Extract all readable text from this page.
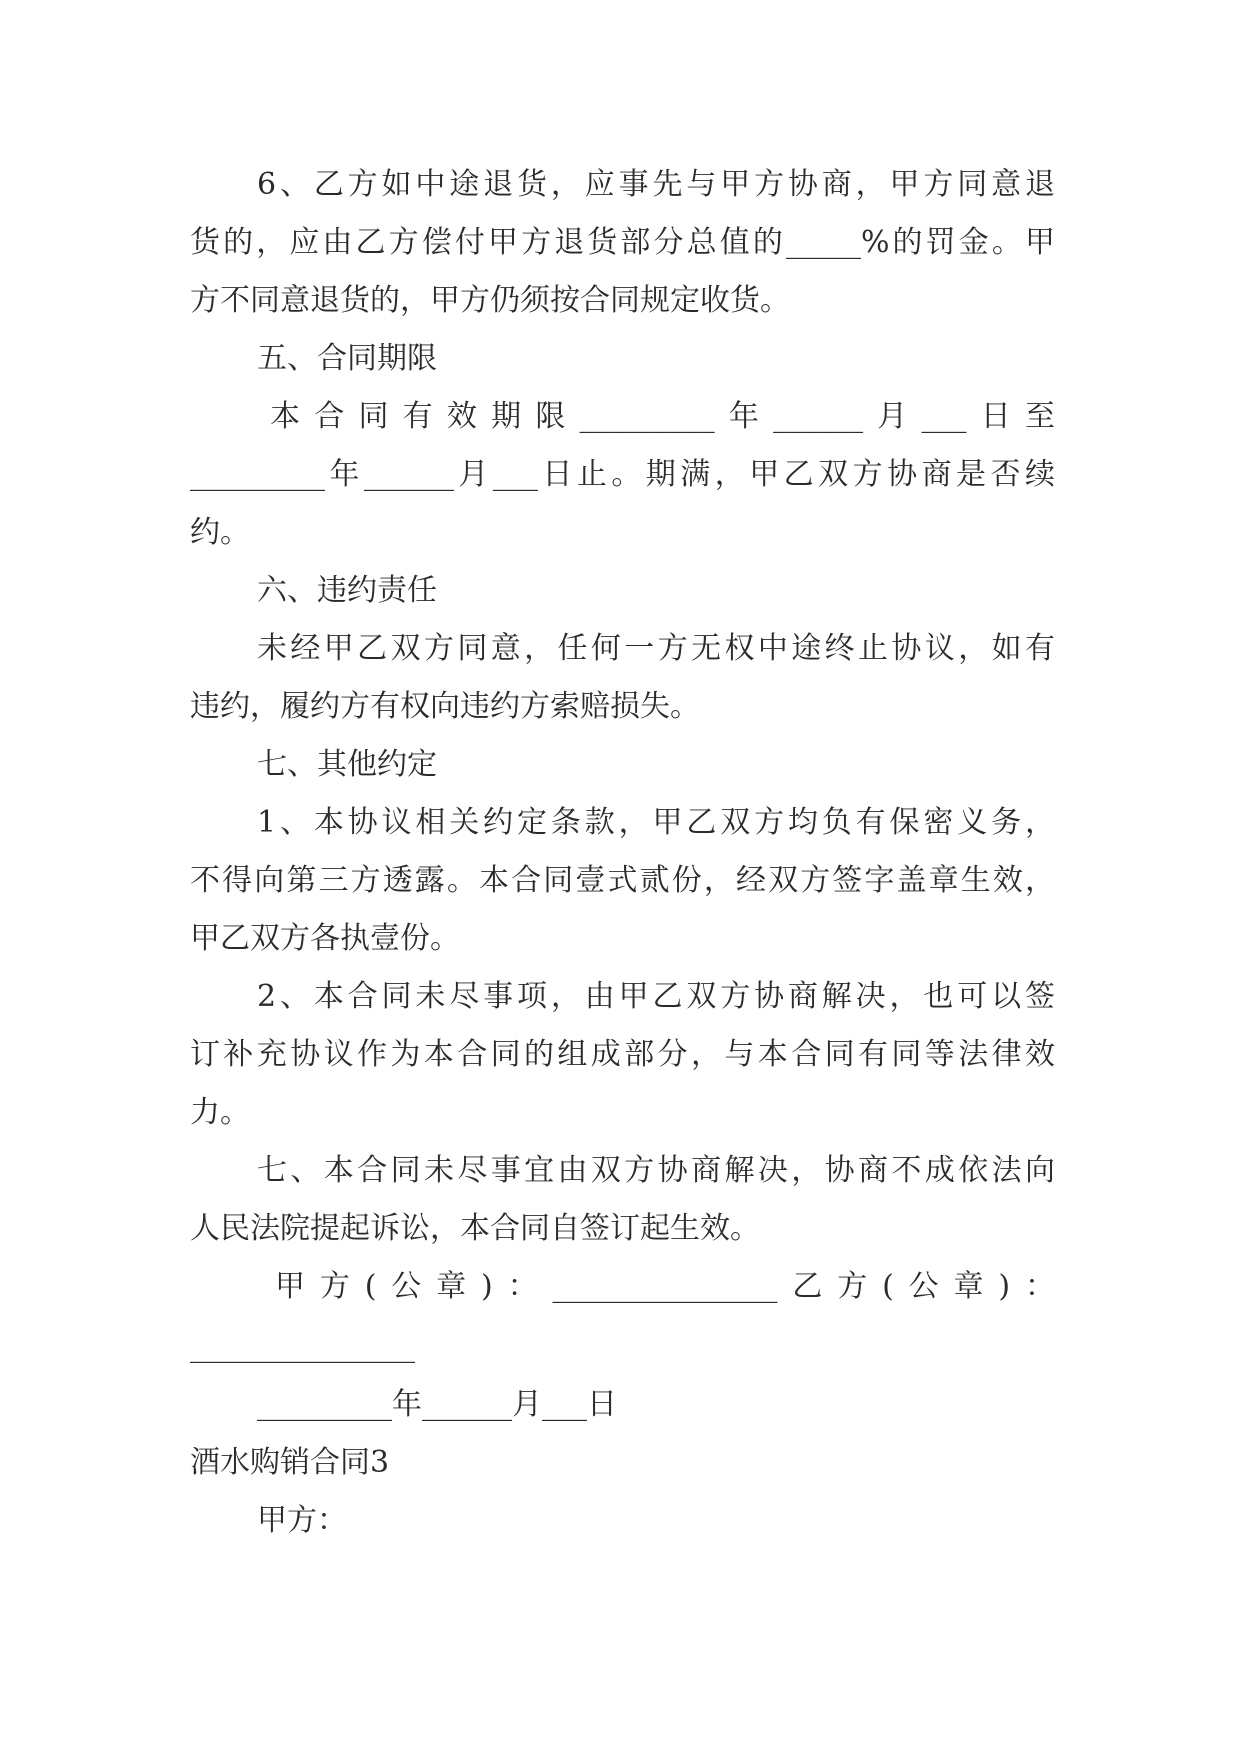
6、乙方如中途退货，应事先与甲方协商，甲方同意退
货的，应由乙方偿付甲方退货部分总值的_____%的罚金。甲
方不同意退货的，甲方仍须按合同规定收货。
五、合同期限
本合同有效期限_________年______月___日至
_________年______月___日止。期满，甲乙双方协商是否续
约。
六、违约责任
未经甲乙双方同意，任何一方无权中途终止协议，如有
违约，履约方有权向违约方索赔损失。
七、其他约定
1、本协议相关约定条款，甲乙双方均负有保密义务，
不得向第三方透露。本合同壹式贰份，经双方签字盖章生效，
甲乙双方各执壹份。
2、本合同未尽事项，由甲乙双方协商解决，也可以签
订补充协议作为本合同的组成部分，与本合同有同等法律效
力。
七、本合同未尽事宜由双方协商解决，协商不成依法向
人民法院提起诉讼，本合同自签订起生效。
甲方(公章)：_______________乙方(公章)：
_______________
_________年______月___日
酒水购销合同3
甲方：
